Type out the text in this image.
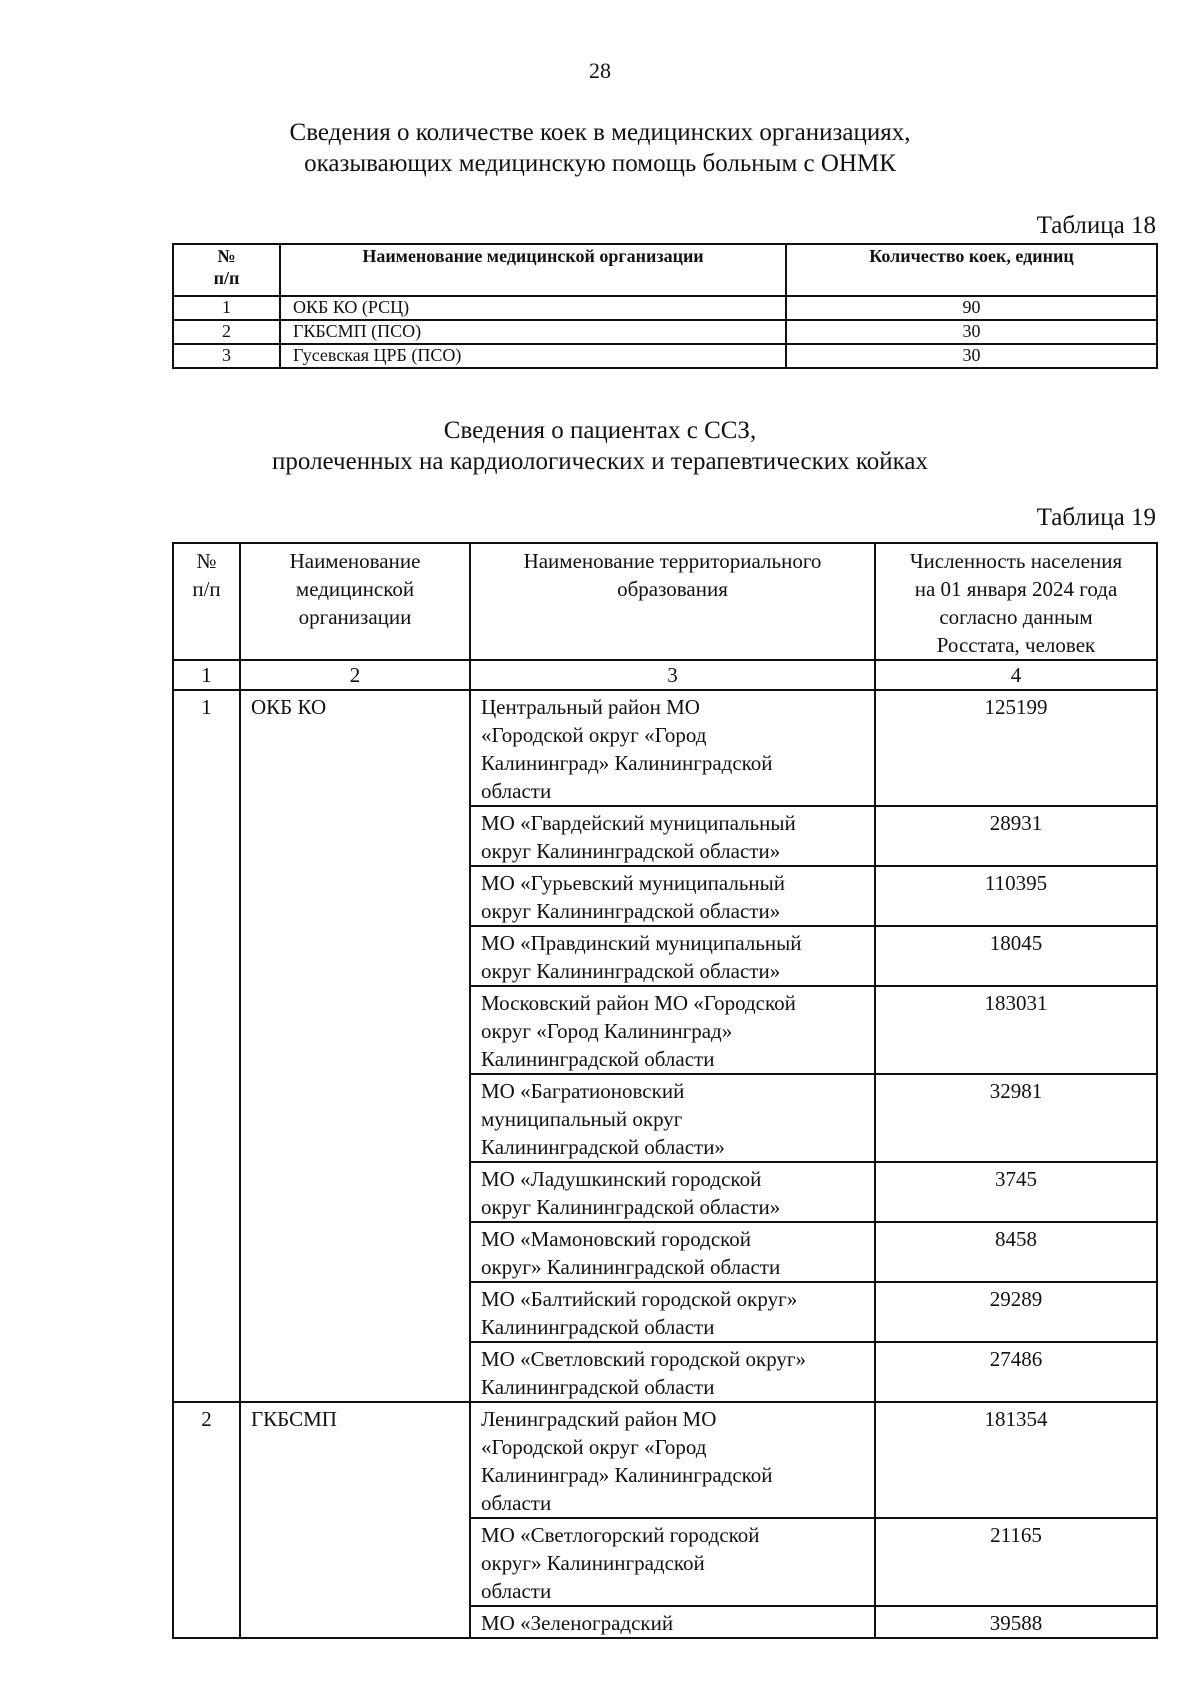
28
Сведения о количестве коек в медицинских организациях,
оказывающих медицинскую помощь больным с ОНМК
Таблица 18
№
п/п	Наименование медицинской организации	Количество коек, единиц
1	ОКБ КО (РСЦ)	90
2	ГКБСМП (ПСО)	30
3	Гусевская ЦРБ (ПСО)	30
Сведения о пациентах с ССЗ,
пролеченных на кардиологических и терапевтических койках
Таблица 19
№
п/п	Наименование
медицинской
организации	Наименование территориального
образования	Численность населения
на 01 января 2024 года
согласно данным
Росстата, человек
1	2	3	4
1	ОКБ КО	Центральный район МО
«Городской округ «Город
Калининград» Калининградской
области	125199
		МО «Гвардейский муниципальный
округ Калининградской области»	28931
		МО «Гурьевский муниципальный
округ Калининградской области»	110395
		МО «Правдинский муниципальный
округ Калининградской области»	18045
		Московский район МО «Городской
округ «Город Калининград»
Калининградской области	183031
		МО «Багратионовский
муниципальный округ
Калининградской области»	32981
		МО «Ладушкинский городской
округ Калининградской области»	3745
		МО «Мамоновский городской
округ» Калининградской области	8458
		МО «Балтийский городской округ»
Калининградской области	29289
		МО «Светловский городской округ»
Калининградской области	27486
2	ГКБСМП	Ленинградский район МО
«Городской округ «Город
Калининград» Калининградской
области	181354
		МО «Светлогорский городской
округ» Калининградской
области	21165
		МО «Зеленоградский	39588
